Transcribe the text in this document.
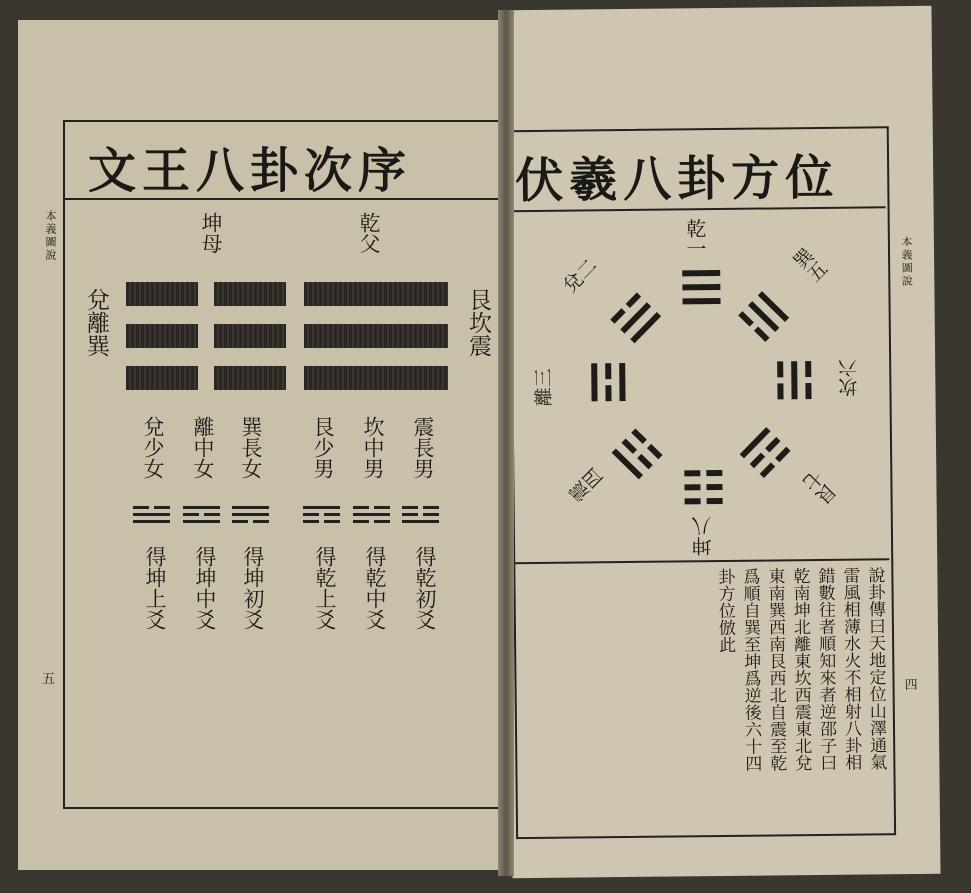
文王八卦次序
本義圖說
五
乾父
坤母
兌離巽	艮坎震
震長男
坎中男
艮少男
巽長女
離中女
兌少女
得乾初爻
得乾中爻
得乾上爻
得坤初爻
得坤中爻
得坤上爻
伏羲八卦方位
本義圖說
四
乾一
坤八
離三	坎六
兌二	巽五
震四	艮七
說卦傳曰天地定位山澤通氣
雷風相薄水火不相射八卦相
錯數往者順知來者逆邵子曰
乾南坤北離東坎西震東北兌
東南巽西南艮西北自震至乾
爲順自巽至坤爲逆後六十四
卦方位倣此
